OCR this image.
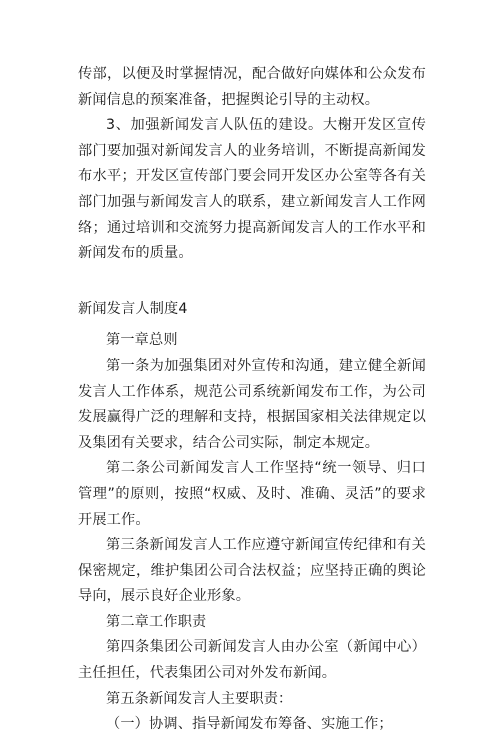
传部，以便及时掌握情况，配合做好向媒体和公众发布新闻信息的预案准备，把握舆论引导的主动权。

3、加强新闻发言人队伍的建设。大榭开发区宣传部门要加强对新闻发言人的业务培训，不断提高新闻发布水平；开发区宣传部门要会同开发区办公室等各有关部门加强与新闻发言人的联系，建立新闻发言人工作网络；通过培训和交流努力提高新闻发言人的工作水平和新闻发布的质量。

新闻发言人制度4

第一章总则

第一条为加强集团对外宣传和沟通，建立健全新闻发言人工作体系，规范公司系统新闻发布工作，为公司发展赢得广泛的理解和支持，根据国家相关法律规定以及集团有关要求，结合公司实际，制定本规定。

第二条公司新闻发言人工作坚持“统一领导、归口管理”的原则，按照“权威、及时、准确、灵活”的要求开展工作。

第三条新闻发言人工作应遵守新闻宣传纪律和有关保密规定，维护集团公司合法权益；应坚持正确的舆论导向，展示良好企业形象。

第二章工作职责

第四条集团公司新闻发言人由办公室（新闻中心）主任担任，代表集团公司对外发布新闻。

第五条新闻发言人主要职责：

（一）协调、指导新闻发布筹备、实施工作；
